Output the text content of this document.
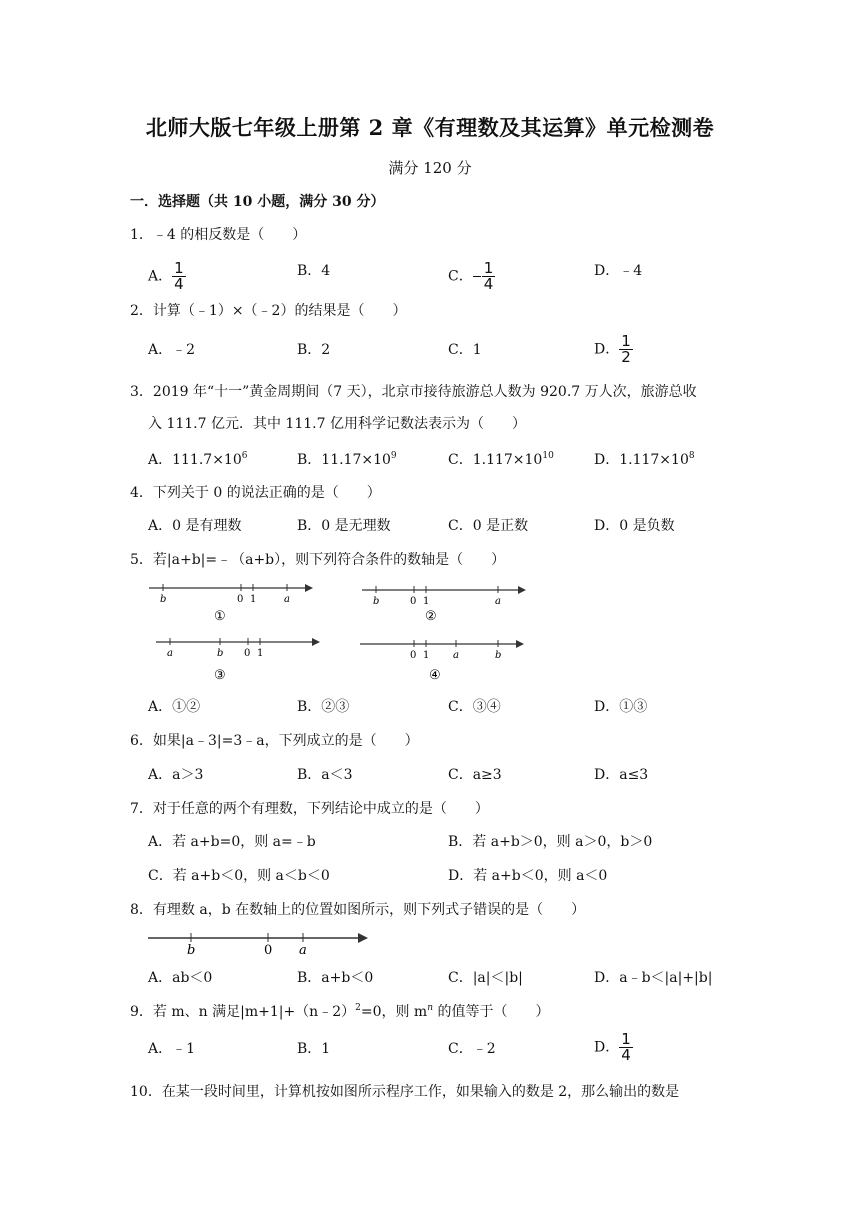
北师大版七年级上册第 2 章《有理数及其运算》单元检测卷
满分 120 分
一．选择题（共 10 小题，满分 30 分）
1．﹣4 的相反数是（　　）
A． $\frac{1}{4}$	B．4	C． $\frac{1}{4}$	D．﹣4
2．计算（﹣1）×（﹣2）的结果是（　　）
A．﹣2	B．2	C．1	D． $\frac{1}{2}$
3．2019 年“十一”黄金周期间（7 天），北京市接待旅游总人数为 920.7 万人次，旅游总收
入 111.7 亿元．其中 111.7 亿用科学记数法表示为（　　）
A．$111.7\times 10^6$	B．$11.17\times 10^9$	C．$1.117\times 10^{10}$	D．$1.117\times 10^8$
4．下列关于 0 的说法正确的是（　　）
A．0 是有理数	B．0 是无理数	C．0 是正数	D．0 是负数
5．若|a+b|=﹣（a+b），则下列符合条件的数轴是（　　）
b	0 1	a
①
b	0 1	a
②
a	b 0 1
③
0 1 a	b
④
A．①②	B．②③	C．③④	D．①③
6．如果|a﹣3|=3﹣a，下列成立的是（　　）
A．a＞3	B．a＜3	C．a≥3	D．a≤3
7．对于任意的两个有理数，下列结论中成立的是（　　）
A．若 a+b=0，则 a=﹣b	B．若 a+b＞0，则 a＞0，b＞0
C．若 a+b＜0，则 a＜b＜0	D．若 a+b＜0，则 a＜0
8．有理数 a，b 在数轴上的位置如图所示，则下列式子错误的是（　　）
b	0 a
A．ab＜0	B．a+b＜0	C．|a|＜|b|	D．a﹣b＜|a|+|b|
9．若 m、n 满足|m+1|+（n﹣2）$^2$=0，则 $m^n$ 的值等于（　　）
A．﹣1	B．1	C．﹣2	D． $\frac{1}{4}$
10．在某一段时间里，计算机按如图所示程序工作，如果输入的数是 2，那么输出的数是
